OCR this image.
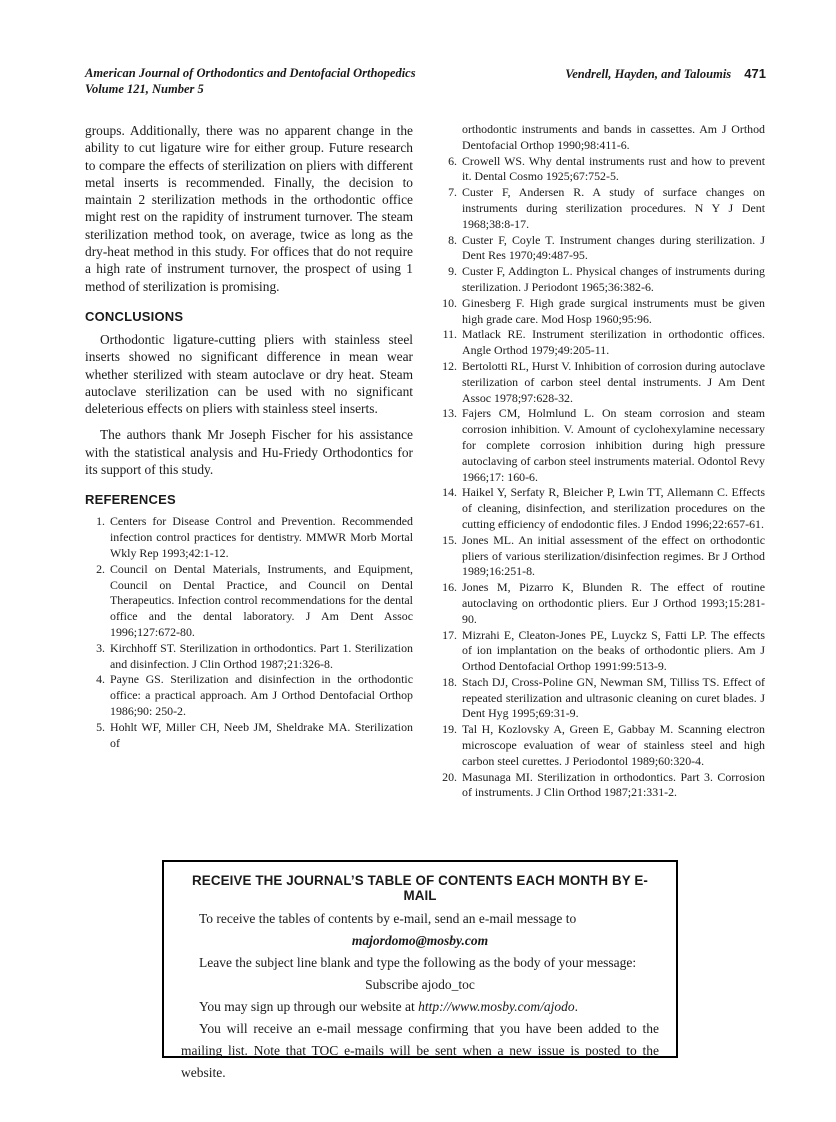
American Journal of Orthodontics and Dentofacial Orthopedics
Volume 121, Number 5
Vendrell, Hayden, and Taloumis 471

groups. Additionally, there was no apparent change in the ability to cut ligature wire for either group. Future research to compare the effects of sterilization on pliers with different metal inserts is recommended. Finally, the decision to maintain 2 sterilization methods in the orthodontic office might rest on the rapidity of instrument turnover. The steam sterilization method took, on average, twice as long as the dry-heat method in this study. For offices that do not require a high rate of instrument turnover, the prospect of using 1 method of sterilization is promising.

CONCLUSIONS

Orthodontic ligature-cutting pliers with stainless steel inserts showed no significant difference in mean wear whether sterilized with steam autoclave or dry heat. Steam autoclave sterilization can be used with no significant deleterious effects on pliers with stainless steel inserts.

The authors thank Mr Joseph Fischer for his assistance with the statistical analysis and Hu-Friedy Orthodontics for its support of this study.

REFERENCES
1. Centers for Disease Control and Prevention. Recommended infection control practices for dentistry. MMWR Morb Mortal Wkly Rep 1993;42:1-12.
2. Council on Dental Materials, Instruments, and Equipment, Council on Dental Practice, and Council on Dental Therapeutics. Infection control recommendations for the dental office and the dental laboratory. J Am Dent Assoc 1996;127:672-80.
3. Kirchhoff ST. Sterilization in orthodontics. Part 1. Sterilization and disinfection. J Clin Orthod 1987;21:326-8.
4. Payne GS. Sterilization and disinfection in the orthodontic office: a practical approach. Am J Orthod Dentofacial Orthop 1986;90: 250-2.
5. Hohlt WF, Miller CH, Neeb JM, Sheldrake MA. Sterilization of
orthodontic instruments and bands in cassettes. Am J Orthod Dentofacial Orthop 1990;98:411-6.
6. Crowell WS. Why dental instruments rust and how to prevent it. Dental Cosmo 1925;67:752-5.
7. Custer F, Andersen R. A study of surface changes on instruments during sterilization procedures. N Y J Dent 1968;38:8-17.
8. Custer F, Coyle T. Instrument changes during sterilization. J Dent Res 1970;49:487-95.
9. Custer F, Addington L. Physical changes of instruments during sterilization. J Periodont 1965;36:382-6.
10. Ginesberg F. High grade surgical instruments must be given high grade care. Mod Hosp 1960;95:96.
11. Matlack RE. Instrument sterilization in orthodontic offices. Angle Orthod 1979;49:205-11.
12. Bertolotti RL, Hurst V. Inhibition of corrosion during autoclave sterilization of carbon steel dental instruments. J Am Dent Assoc 1978;97:628-32.
13. Fajers CM, Holmlund L. On steam corrosion and steam corrosion inhibition. V. Amount of cyclohexylamine necessary for complete corrosion inhibition during high pressure autoclaving of carbon steel instruments material. Odontol Revy 1966;17: 160-6.
14. Haikel Y, Serfaty R, Bleicher P, Lwin TT, Allemann C. Effects of cleaning, disinfection, and sterilization procedures on the cutting efficiency of endodontic files. J Endod 1996;22:657-61.
15. Jones ML. An initial assessment of the effect on orthodontic pliers of various sterilization/disinfection regimes. Br J Orthod 1989;16:251-8.
16. Jones M, Pizarro K, Blunden R. The effect of routine autoclaving on orthodontic pliers. Eur J Orthod 1993;15:281-90.
17. Mizrahi E, Cleaton-Jones PE, Luyckz S, Fatti LP. The effects of ion implantation on the beaks of orthodontic pliers. Am J Orthod Dentofacial Orthop 1991:99:513-9.
18. Stach DJ, Cross-Poline GN, Newman SM, Tilliss TS. Effect of repeated sterilization and ultrasonic cleaning on curet blades. J Dent Hyg 1995;69:31-9.
19. Tal H, Kozlovsky A, Green E, Gabbay M. Scanning electron microscope evaluation of wear of stainless steel and high carbon steel curettes. J Periodontol 1989;60:320-4.
20. Masunaga MI. Sterilization in orthodontics. Part 3. Corrosion of instruments. J Clin Orthod 1987;21:331-2.
RECEIVE THE JOURNAL’S TABLE OF CONTENTS EACH MONTH BY E-MAIL

To receive the tables of contents by e-mail, send an e-mail message to

majordomo@mosby.com

Leave the subject line blank and type the following as the body of your message:

Subscribe ajodo_toc

You may sign up through our website at http://www.mosby.com/ajodo.

You will receive an e-mail message confirming that you have been added to the mailing list. Note that TOC e-mails will be sent when a new issue is posted to the website.
